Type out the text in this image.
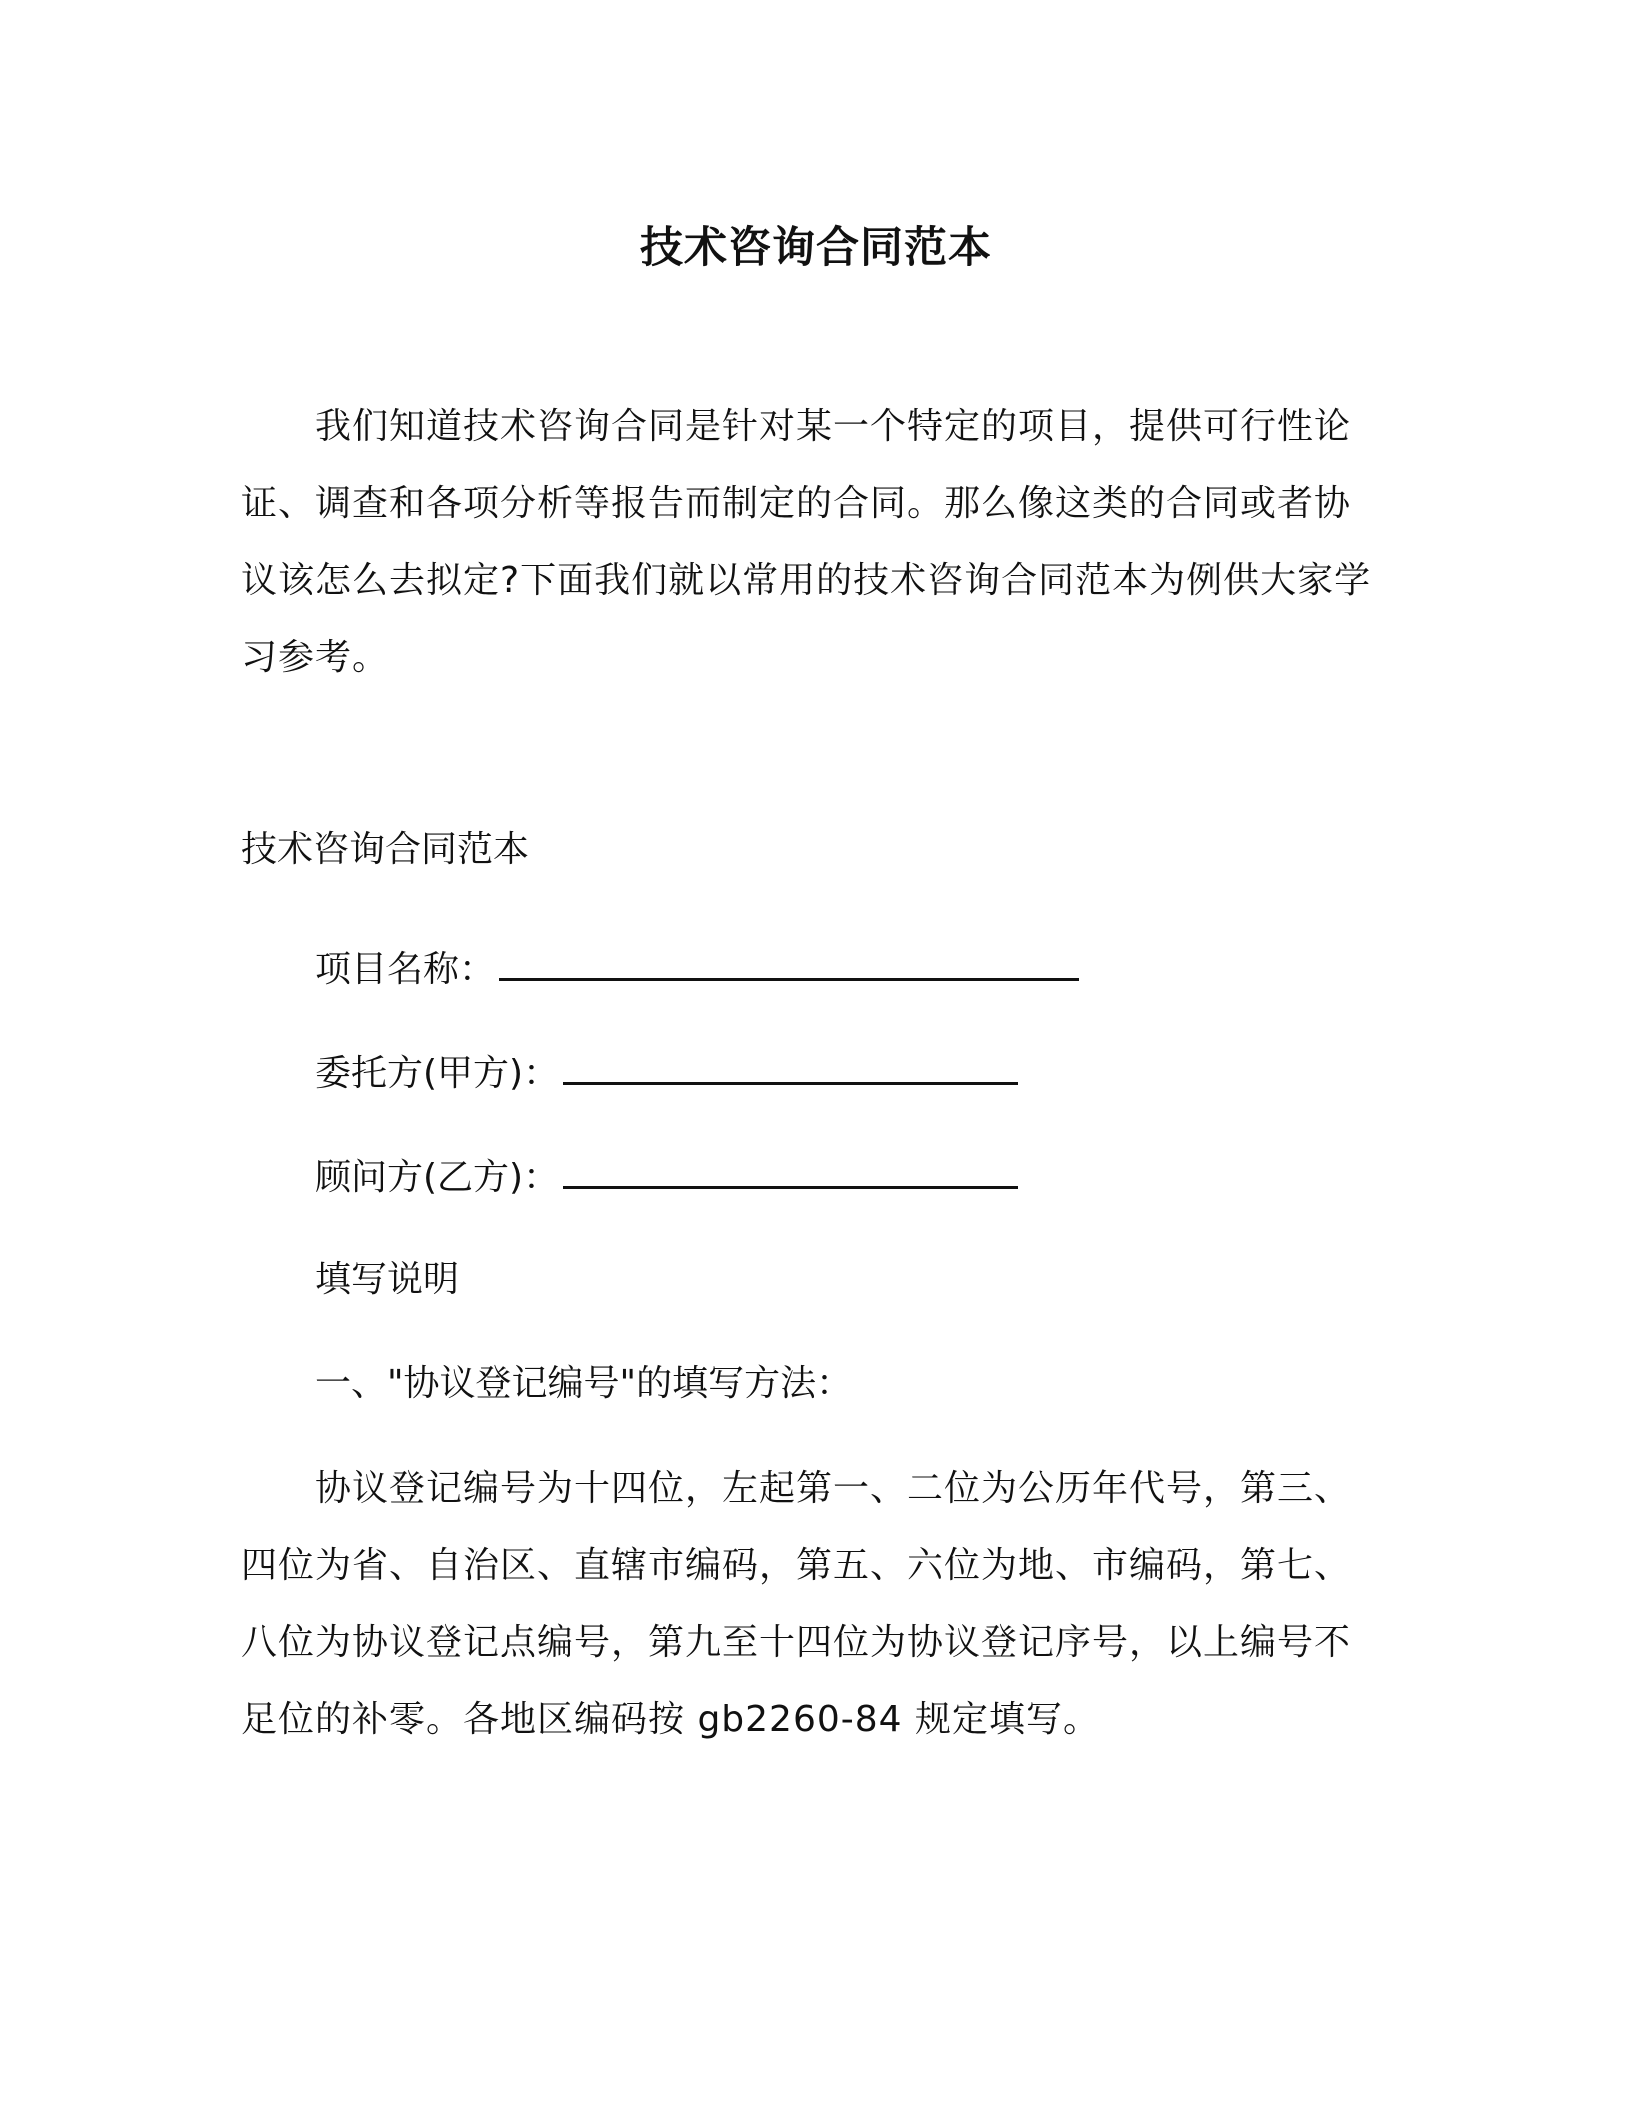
技术咨询合同范本

我们知道技术咨询合同是针对某一个特定的项目，提供可行性论证、调查和各项分析等报告而制定的合同。那么像这类的合同或者协议该怎么去拟定?下面我们就以常用的技术咨询合同范本为例供大家学习参考。

技术咨询合同范本

项目名称：

委托方(甲方)：

顾问方(乙方)：

填写说明

一、"协议登记编号"的填写方法：

协议登记编号为十四位，左起第一、二位为公历年代号，第三、四位为省、自治区、直辖市编码，第五、六位为地、市编码，第七、八位为协议登记点编号，第九至十四位为协议登记序号，以上编号不足位的补零。各地区编码按 gb2260-84 规定填写。
